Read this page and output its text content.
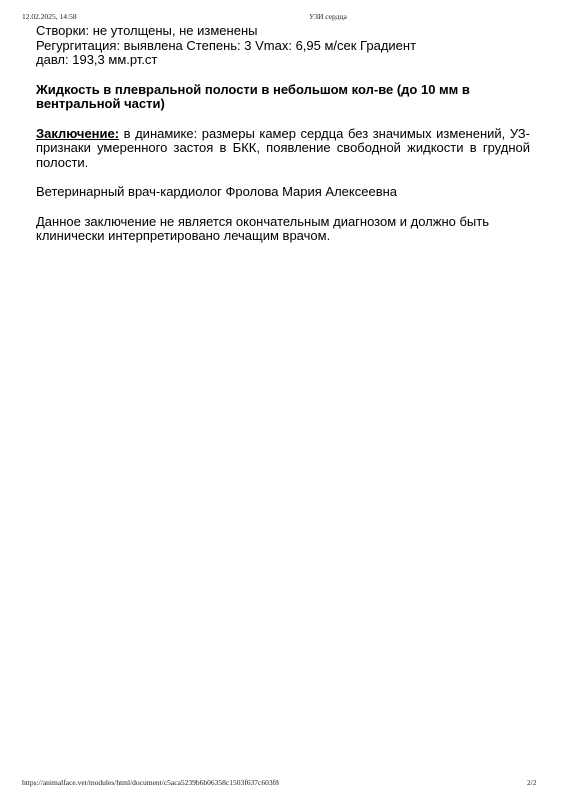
12.02.2025, 14:58	УЗИ сердца
Створки: не утолщены, не изменены
Регургитация: выявлена Степень: 3 Vmax: 6,95 м/сек Градиент
давл: 193,3 мм.рт.ст
Жидкость в плевральной полости в небольшом кол-ве (до 10 мм в
вентральной части)
Заключение: в динамике: размеры камер сердца без значимых изменений, УЗ-признаки умеренного застоя в БКК, появление свободной жидкости в грудной полости.
Ветеринарный врач-кардиолог Фролова Мария Алексеевна
Данное заключение не является окончательным диагнозом и должно быть
клинически интерпретировано лечащим врачом.
https://animalface.vet/modules/html/document/c5aca5239b6b06358c1503f637c603f8	2/2
